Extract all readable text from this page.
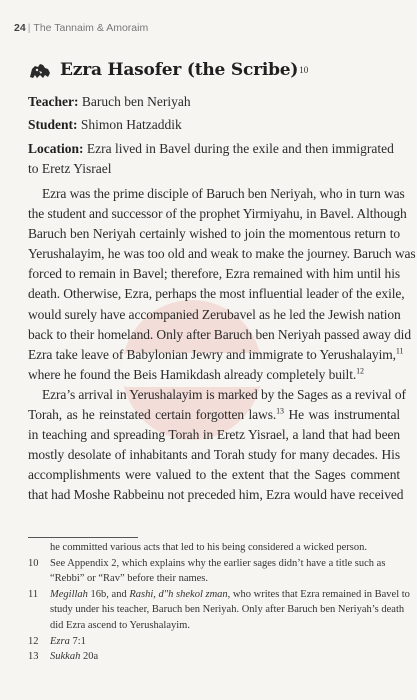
24 | The Tannaim & Amoraim
Ezra Hasofer (the Scribe) 10
Teacher: Baruch ben Neriyah
Student: Shimon Hatzaddik
Location: Ezra lived in Bavel during the exile and then immigrated
to Eretz Yisrael
Ezra was the prime disciple of Baruch ben Neriyah, who in turn was
the student and successor of the prophet Yirmiyahu, in Bavel. Although
Baruch ben Neriyah certainly wished to join the momentous return to
Yerushalayim, he was too old and weak to make the journey. Baruch was
forced to remain in Bavel; therefore, Ezra remained with him until his
death. Otherwise, Ezra, perhaps the most influential leader of the exile,
would surely have accompanied Zerubavel as he led the Jewish nation
back to their homeland. Only after Baruch ben Neriyah passed away did
Ezra take leave of Babylonian Jewry and immigrate to Yerushalayim,$^{11}$
where he found the Beis Hamikdash already completely built.$^{12}$
Ezra’s arrival in Yerushalayim is marked by the Sages as a revival of
Torah, as he reinstated certain forgotten laws.$^{13}$ He was instrumental
in teaching and spreading Torah in Eretz Yisrael, a land that had been
mostly desolate of inhabitants and Torah study for many decades. His
accomplishments were valued to the extent that the Sages comment
that had Moshe Rabbeinu not preceded him, Ezra would have received
he committed various acts that led to his being considered a wicked person.
10	See Appendix 2, which explains why the earlier sages didn’t have a title such as
“Rebbi” or “Rav” before their names.
11	Megillah 16b, and Rashi, d"h shekol zman, who writes that Ezra remained in Bavel to
study under his teacher, Baruch ben Neriyah. Only after Baruch ben Neriyah’s death
did Ezra ascend to Yerushalayim.
12	Ezra 7:1
13	Sukkah 20a
